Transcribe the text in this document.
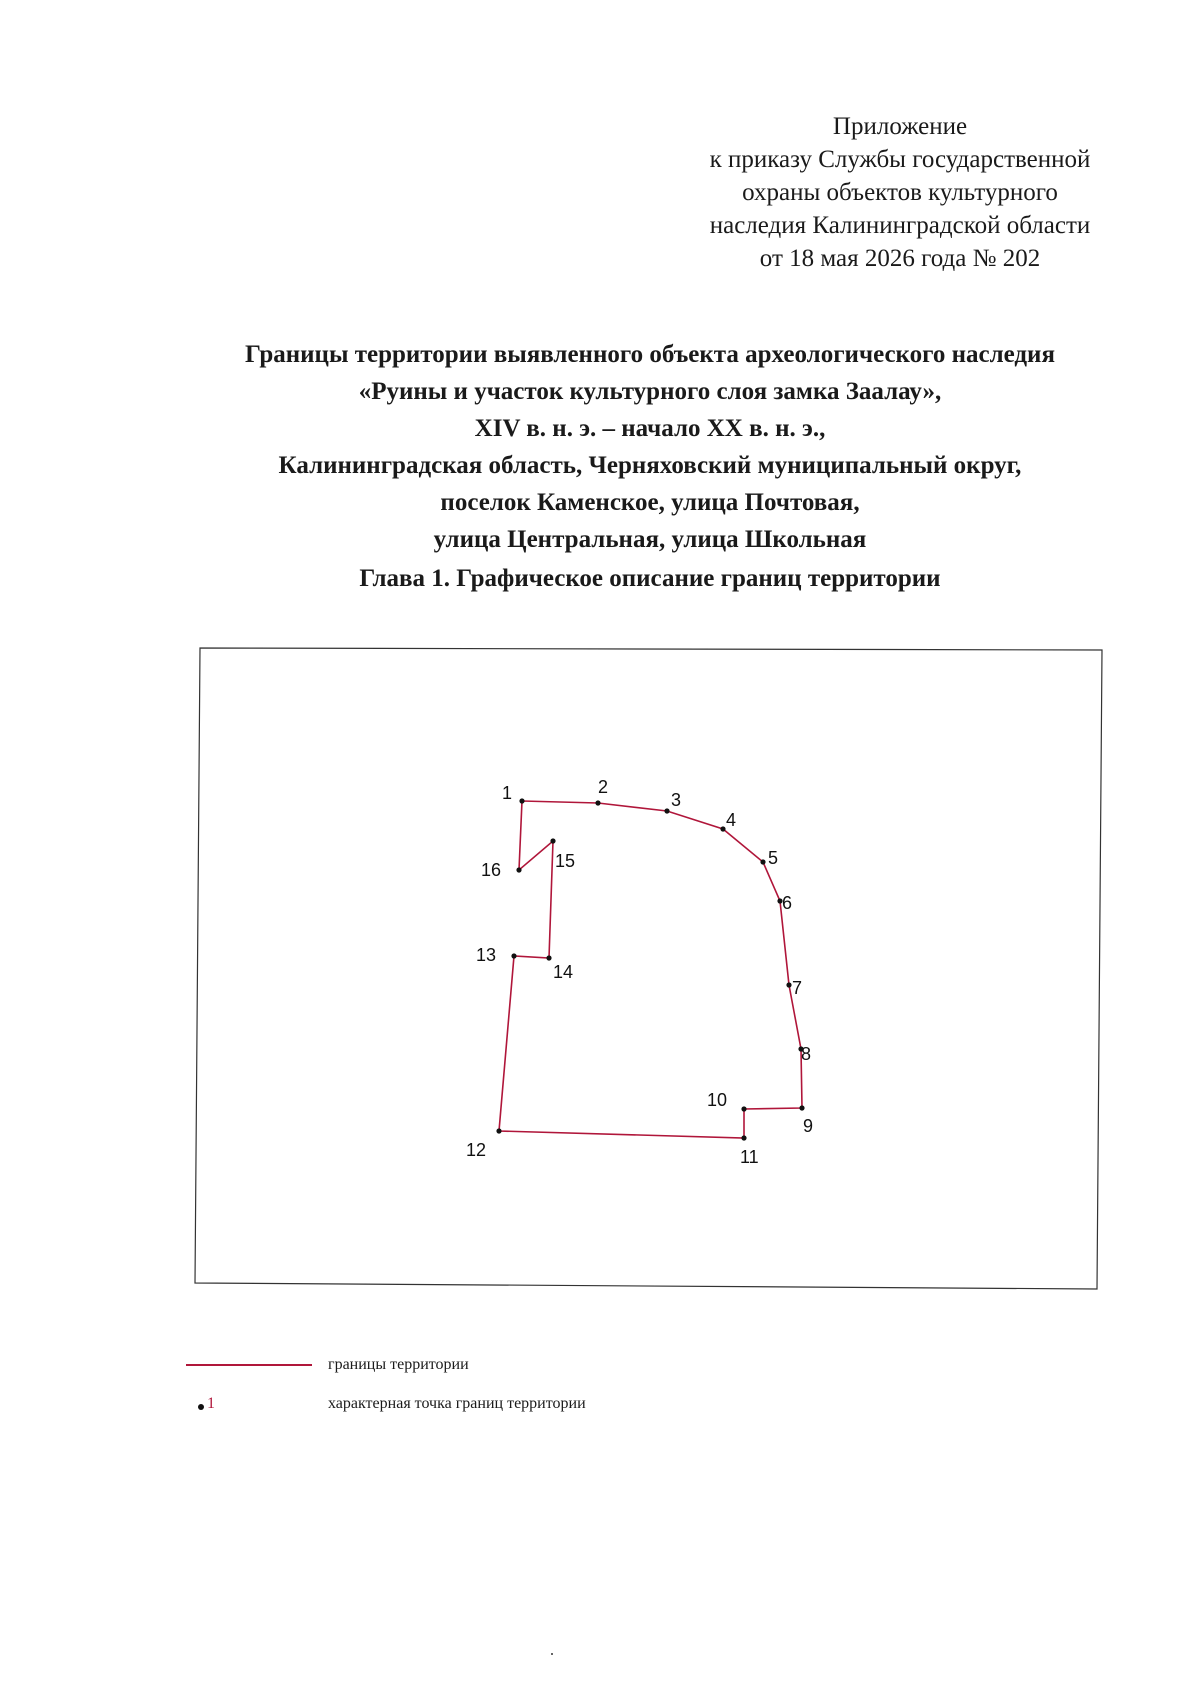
Приложение
к приказу Службы государственной
охраны объектов культурного
наследия Калининградской области
от 18 мая 2026 года № 202
Границы территории выявленного объекта археологического наследия
«Руины и участок культурного слоя замка Заалау»,
XIV в. н. э. – начало XX в. н. э.,
Калининградская область, Черняховский муниципальный округ,
поселок Каменское, улица Почтовая,
улица Центральная, улица Школьная
Глава 1. Графическое описание границ территории
1	2
3
4
5
6
7
8
9
10
11
12
13
14
15
16
границы территории
1	характерная точка границ территории
